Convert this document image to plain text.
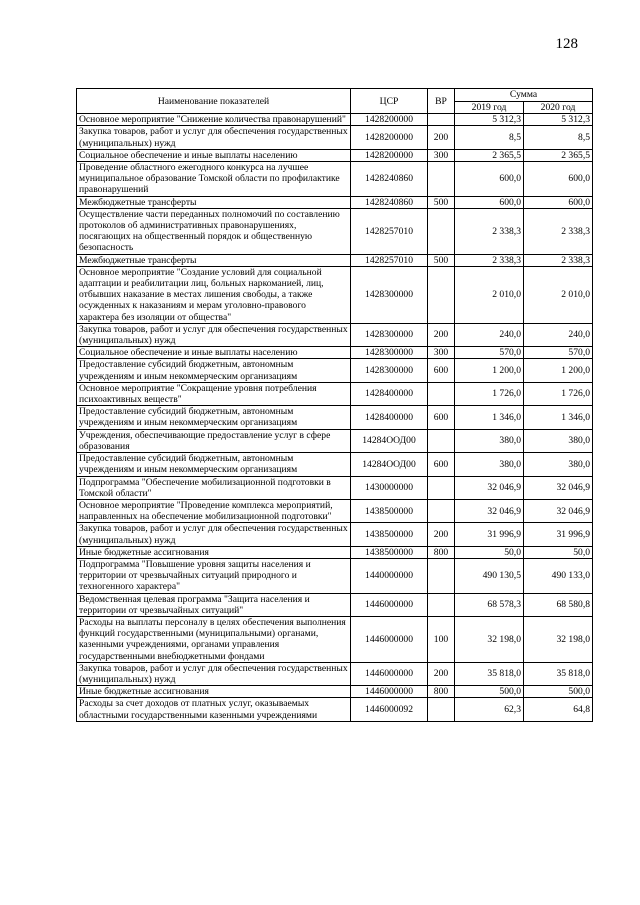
128
Наименование показателей	ЦСР	ВР	Сумма	
			2019 год	2020 год
Основное мероприятие "Снижение количества правонарушений"	1428200000		5 312,3	5 312,3
Закупка товаров, работ и услуг для обеспечения государственных (муниципальных) нужд	1428200000	200	8,5	8,5
Социальное обеспечение и иные выплаты населению	1428200000	300	2 365,5	2 365,5
Проведение областного ежегодного конкурса на лучшее муниципальное образование Томской области по профилактике правонарушений	1428240860		600,0	600,0
Межбюджетные трансферты	1428240860	500	600,0	600,0
Осуществление части переданных полномочий по составлению протоколов об административных правонарушениях, посягающих на общественный порядок и общественную безопасность	1428257010		2 338,3	2 338,3
Межбюджетные трансферты	1428257010	500	2 338,3	2 338,3
Основное мероприятие "Создание условий для социальной адаптации и реабилитации лиц, больных наркоманией, лиц, отбывших наказание в местах лишения свободы, а также осужденных к наказаниям и мерам уголовно-правового характера без изоляции от общества"	1428300000		2 010,0	2 010,0
Закупка товаров, работ и услуг для обеспечения государственных (муниципальных) нужд	1428300000	200	240,0	240,0
Социальное обеспечение и иные выплаты населению	1428300000	300	570,0	570,0
Предоставление субсидий бюджетным, автономным учреждениям и иным некоммерческим организациям	1428300000	600	1 200,0	1 200,0
Основное мероприятие "Сокращение уровня потребления психоактивных веществ"	1428400000		1 726,0	1 726,0
Предоставление субсидий бюджетным, автономным учреждениям и иным некоммерческим организациям	1428400000	600	1 346,0	1 346,0
Учреждения, обеспечивающие предоставление услуг в сфере образования	14284ООД00		380,0	380,0
Предоставление субсидий бюджетным, автономным учреждениям и иным некоммерческим организациям	14284ООД00	600	380,0	380,0
Подпрограмма "Обеспечение мобилизационной подготовки в Томской области"	1430000000		32 046,9	32 046,9
Основное мероприятие "Проведение комплекса мероприятий, направленных на обеспечение мобилизационной подготовки"	1438500000		32 046,9	32 046,9
Закупка товаров, работ и услуг для обеспечения государственных (муниципальных) нужд	1438500000	200	31 996,9	31 996,9
Иные бюджетные ассигнования	1438500000	800	50,0	50,0
Подпрограмма "Повышение уровня защиты населения и территории от чрезвычайных ситуаций природного и техногенного характера"	1440000000		490 130,5	490 133,0
Ведомственная целевая программа "Защита населения и территории от чрезвычайных ситуаций"	1446000000		68 578,3	68 580,8
Расходы на выплаты персоналу в целях обеспечения выполнения функций государственными (муниципальными) органами, казенными учреждениями, органами управления государственными внебюджетными фондами	1446000000	100	32 198,0	32 198,0
Закупка товаров, работ и услуг для обеспечения государственных (муниципальных) нужд	1446000000	200	35 818,0	35 818,0
Иные бюджетные ассигнования	1446000000	800	500,0	500,0
Расходы за счет доходов от платных услуг, оказываемых областными государственными казенными учреждениями	1446000092		62,3	64,8
